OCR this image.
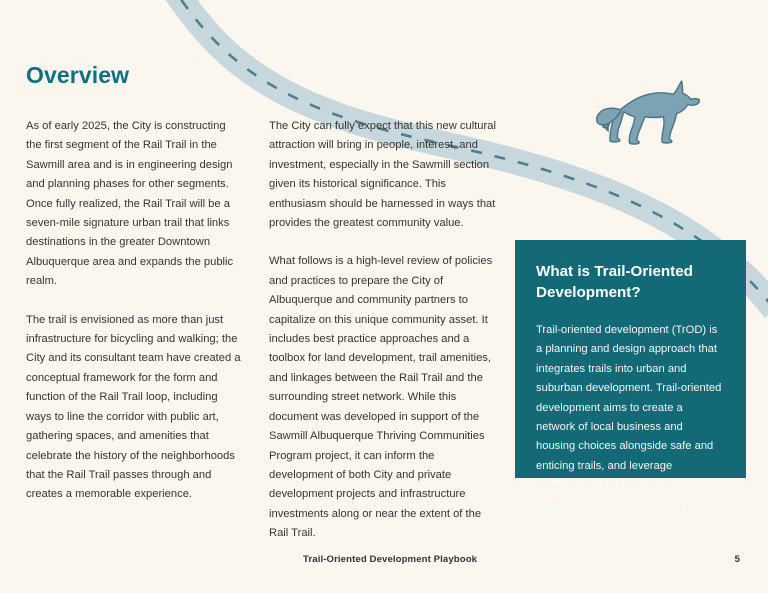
Overview

As of early 2025, the City is constructing the first segment of the Rail Trail in the Sawmill area and is in engineering design and planning phases for other segments. Once fully realized, the Rail Trail will be a seven-mile signature urban trail that links destinations in the greater Downtown Albuquerque area and expands the public realm.

The trail is envisioned as more than just infrastructure for bicycling and walking; the City and its consultant team have created a conceptual framework for the form and function of the Rail Trail loop, including ways to line the corridor with public art, gathering spaces, and amenities that celebrate the history of the neighborhoods that the Rail Trail passes through and creates a memorable experience.

The City can fully expect that this new cultural attraction will bring in people, interest, and investment, especially in the Sawmill section given its historical significance. This enthusiasm should be harnessed in ways that provides the greatest community value.

What follows is a high-level review of policies and practices to prepare the City of Albuquerque and community partners to capitalize on this unique community asset. It includes best practice approaches and a toolbox for land development, trail amenities, and linkages between the Rail Trail and the surrounding street network. While this document was developed in support of the Sawmill Albuquerque Thriving Communities Program project, it can inform the development of both City and private development projects and infrastructure investments along or near the extent of the Rail Trail.

What is Trail-Oriented Development?

Trail-oriented development (TrOD) is a planning and design approach that integrates trails into urban and suburban development. Trail-oriented development aims to create a network of local business and housing choices alongside safe and enticing trails, and leverage transportation infrastructure to support active ways of getting around.

Trail-Oriented Development Playbook	5
